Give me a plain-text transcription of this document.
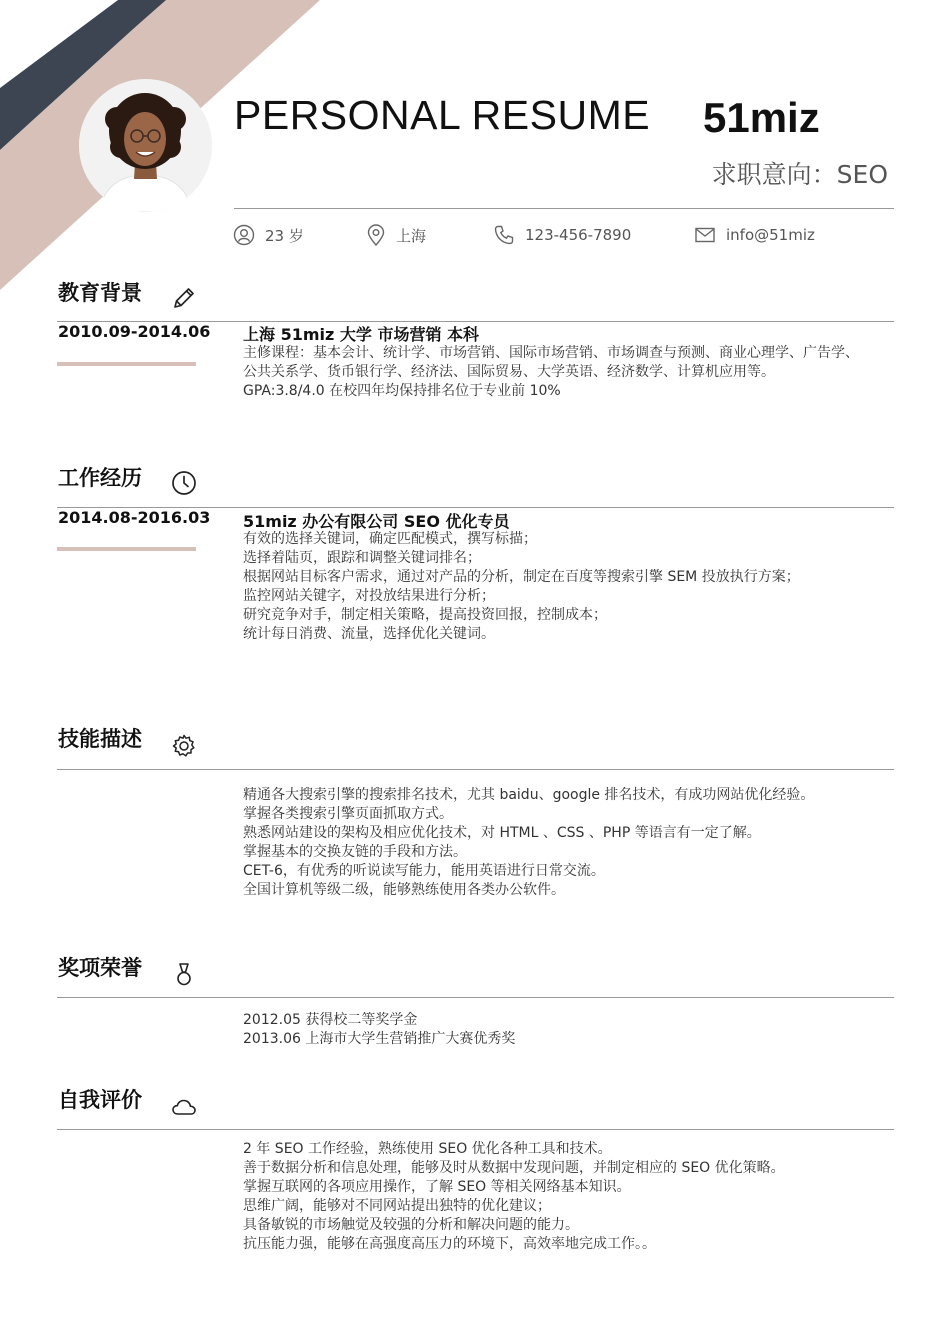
PERSONAL RESUME 51miz
求职意向：SEO
23 岁	上海	123-456-7890	info@51miz
教育背景
2010.09-2014.06 上海 51miz 大学 市场营销 本科
主修课程：基本会计、统计学、市场营销、国际市场营销、市场调查与预测、商业心理学、广告学、
公共关系学、货币银行学、经济法、国际贸易、大学英语、经济数学、计算机应用等。
GPA:3.8/4.0 在校四年均保持排名位于专业前 10%
工作经历
2014.08-2016.03 51miz 办公有限公司 SEO 优化专员
有效的选择关键词，确定匹配模式，撰写标描；
选择着陆页，跟踪和调整关键词排名；
根据网站目标客户需求，通过对产品的分析，制定在百度等搜索引擎 SEM 投放执行方案；
监控网站关键字，对投放结果进行分析；
研究竞争对手，制定相关策略，提高投资回报，控制成本；
统计每日消费、流量，选择优化关键词。
技能描述
精通各大搜索引擎的搜索排名技术，尤其 baidu、google 排名技术，有成功网站优化经验。
掌握各类搜索引擎页面抓取方式。
熟悉网站建设的架构及相应优化技术，对 HTML 、CSS 、PHP 等语言有一定了解。
掌握基本的交换友链的手段和方法。
CET-6，有优秀的听说读写能力，能用英语进行日常交流。
全国计算机等级二级，能够熟练使用各类办公软件。
奖项荣誉
2012.05 获得校二等奖学金
2013.06 上海市大学生营销推广大赛优秀奖
自我评价
2 年 SEO 工作经验，熟练使用 SEO 优化各种工具和技术。
善于数据分析和信息处理，能够及时从数据中发现问题，并制定相应的 SEO 优化策略。
掌握互联网的各项应用操作，了解 SEO 等相关网络基本知识。
思维广阔，能够对不同网站提出独特的优化建议；
具备敏锐的市场触觉及较强的分析和解决问题的能力。
抗压能力强，能够在高强度高压力的环境下，高效率地完成工作。。
